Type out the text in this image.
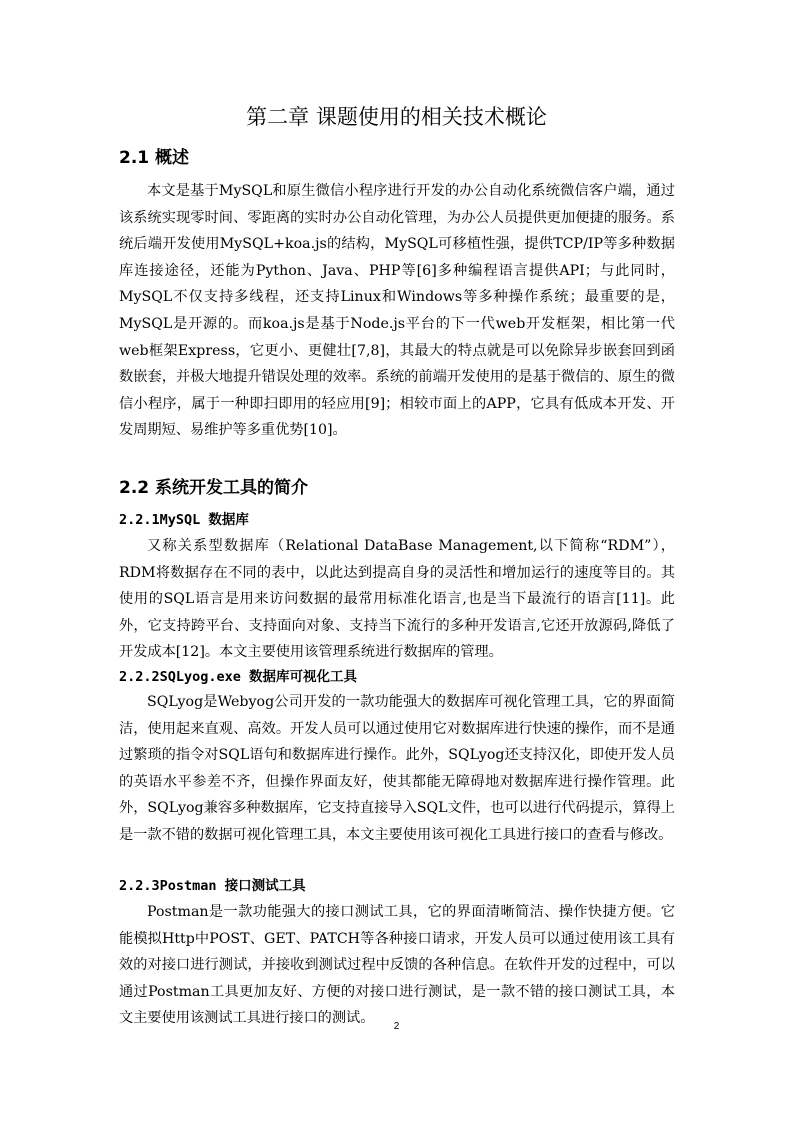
第二章 课题使用的相关技术概论
2.1 概述

本文是基于MySQL和原生微信小程序进行开发的办公自动化系统微信客户端，通过该系统实现零时间、零距离的实时办公自动化管理，为办公人员提供更加便捷的服务。系统后端开发使用MySQL+koa.js的结构，MySQL可移植性强，提供TCP/IP等多种数据库连接途径，还能为Python、Java、PHP等[6]多种编程语言提供API；与此同时，MySQL不仅支持多线程，还支持Linux和Windows等多种操作系统；最重要的是，MySQL是开源的。而koa.js是基于Node.js平台的下一代web开发框架，相比第一代web框架Express，它更小、更健壮[7,8]，其最大的特点就是可以免除异步嵌套回到函数嵌套，并极大地提升错误处理的效率。系统的前端开发使用的是基于微信的、原生的微信小程序，属于一种即扫即用的轻应用[9]；相较市面上的APP，它具有低成本开发、开发周期短、易维护等多重优势[10]。

2.2 系统开发工具的简介
2.2.1MySQL 数据库

又称关系型数据库（Relational DataBase Management,以下简称“RDM”），RDM将数据存在不同的表中，以此达到提高自身的灵活性和增加运行的速度等目的。其使用的SQL语言是用来访问数据的最常用标准化语言,也是当下最流行的语言[11]。此外，它支持跨平台、支持面向对象、支持当下流行的多种开发语言,它还开放源码,降低了开发成本[12]。本文主要使用该管理系统进行数据库的管理。

2.2.2SQLyog.exe 数据库可视化工具

SQLyog是Webyog公司开发的一款功能强大的数据库可视化管理工具，它的界面简洁，使用起来直观、高效。开发人员可以通过使用它对数据库进行快速的操作，而不是通过繁琐的指令对SQL语句和数据库进行操作。此外，SQLyog还支持汉化，即使开发人员的英语水平参差不齐，但操作界面友好，使其都能无障碍地对数据库进行操作管理。此外，SQLyog兼容多种数据库，它支持直接导入SQL文件，也可以进行代码提示，算得上是一款不错的数据可视化管理工具，本文主要使用该可视化工具进行接口的查看与修改。

2.2.3Postman 接口测试工具

Postman是一款功能强大的接口测试工具，它的界面清晰简洁、操作快捷方便。它能模拟Http中POST、GET、PATCH等各种接口请求，开发人员可以通过使用该工具有效的对接口进行测试，并接收到测试过程中反馈的各种信息。在软件开发的过程中，可以通过Postman工具更加友好、方便的对接口进行测试，是一款不错的接口测试工具，本文主要使用该测试工具进行接口的测试。

2
